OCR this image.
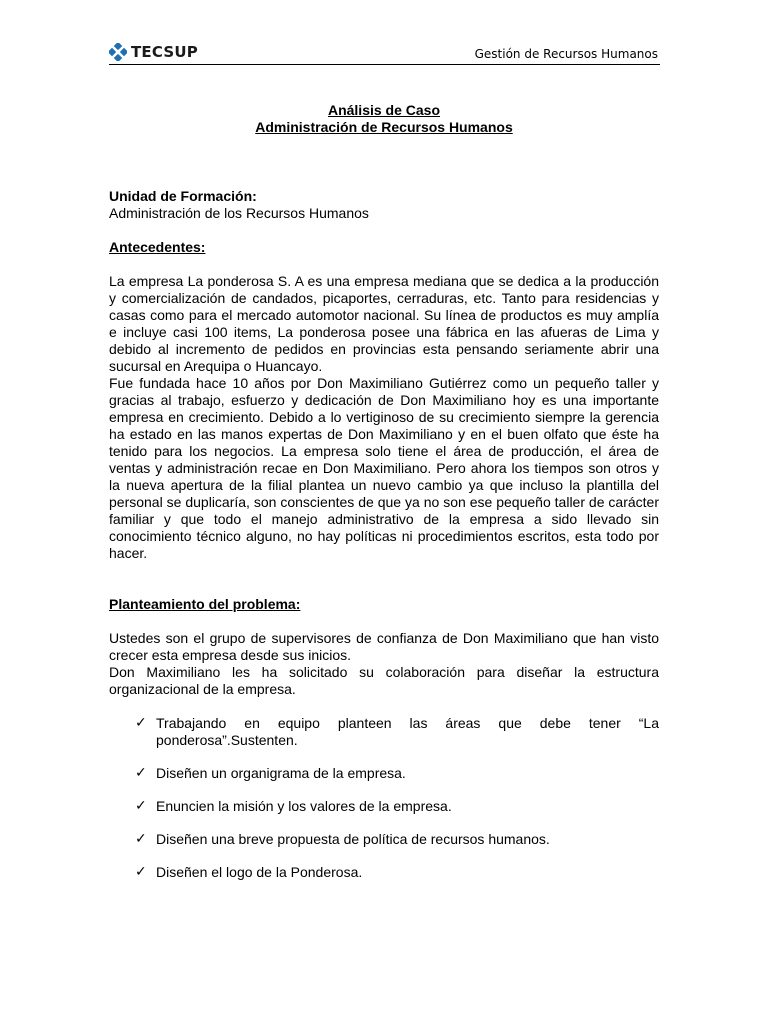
TECSUP	Gestión de Recursos Humanos
Análisis de Caso
Administración de Recursos Humanos
Unidad de Formación:
Administración de los Recursos Humanos
Antecedentes:

La empresa La ponderosa S. A es una empresa mediana que se dedica a la producción y comercialización de candados, picaportes, cerraduras, etc. Tanto para residencias y casas como para el mercado automotor nacional. Su línea de productos es muy amplía e incluye casi 100 items, La ponderosa posee una fábrica en las afueras de Lima y debido al incremento de pedidos en provincias esta pensando seriamente abrir una sucursal en Arequipa o Huancayo.

Fue fundada hace 10 años por Don Maximiliano Gutiérrez como un pequeño taller y gracias al trabajo, esfuerzo y dedicación de Don Maximiliano hoy es una importante empresa en crecimiento. Debido a lo vertiginoso de su crecimiento siempre la gerencia ha estado en las manos expertas de Don Maximiliano y en el buen olfato que éste ha tenido para los negocios. La empresa solo tiene el área de producción, el área de ventas y administración recae en Don Maximiliano. Pero ahora los tiempos son otros y la nueva apertura de la filial plantea un nuevo cambio ya que incluso la plantilla del personal se duplicaría, son conscientes de que ya no son ese pequeño taller de carácter familiar y que todo el manejo administrativo de la empresa a sido llevado sin conocimiento técnico alguno, no hay políticas ni procedimientos escritos, esta todo por hacer.

Planteamiento del problema:

Ustedes son el grupo de supervisores de confianza de Don Maximiliano que han visto crecer esta empresa desde sus inicios.

Don Maximiliano les ha solicitado su colaboración para diseñar la estructura organizacional de la empresa.

✓ Trabajando en equipo planteen las áreas que debe tener “La ponderosa”.Sustenten.
✓ Diseñen un organigrama de la empresa.
✓ Enuncien la misión y los valores de la empresa.
✓ Diseñen una breve propuesta de política de recursos humanos.
✓ Diseñen el logo de la Ponderosa.
